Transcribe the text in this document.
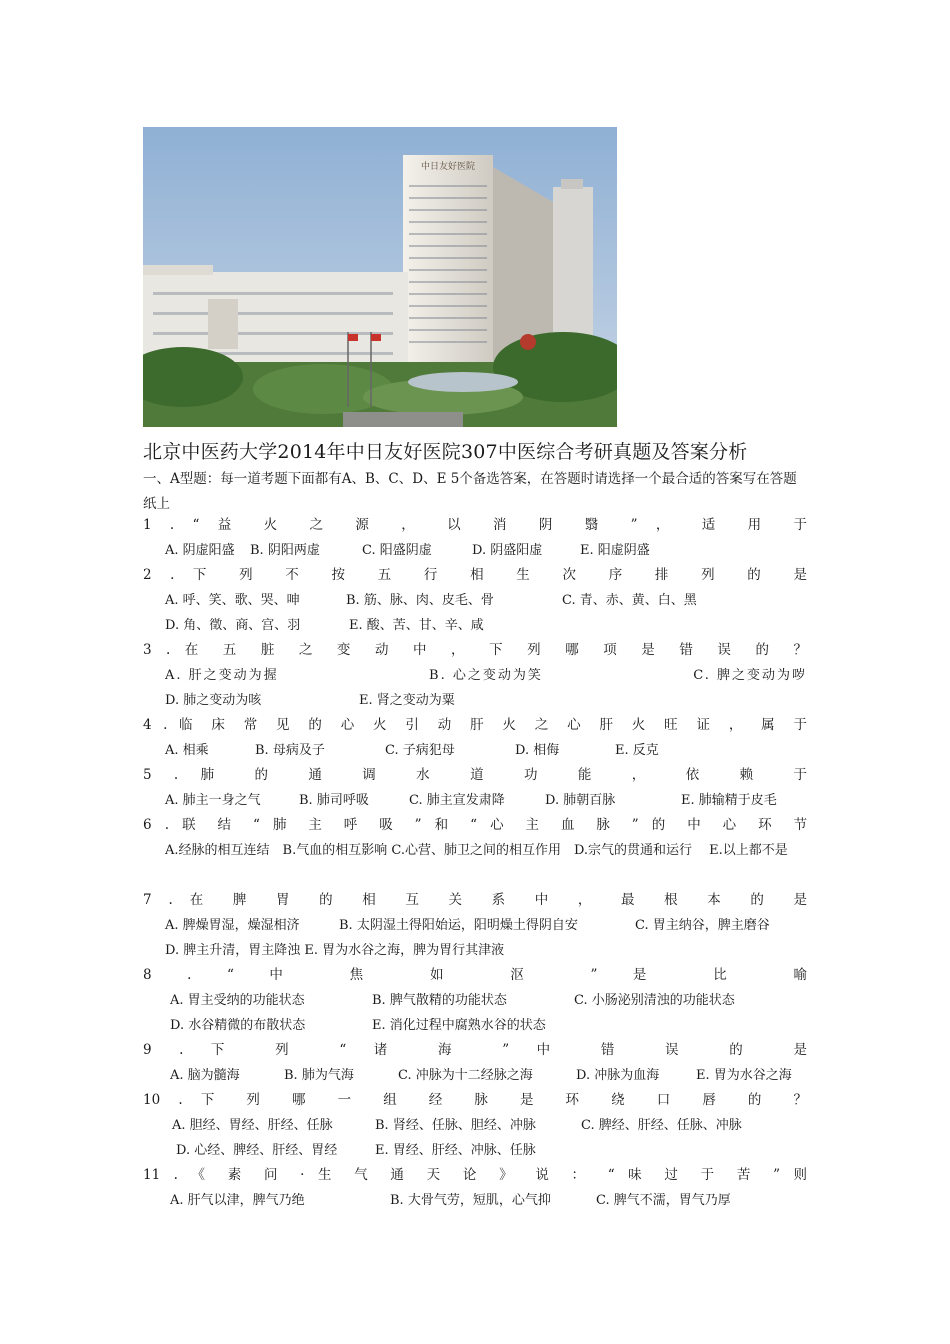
中日友好医院
北京中医药大学2014年中日友好医院307中医综合考研真题及答案分析
一、A型题：每一道考题下面都有A、B、C、D、E 5个备选答案，在答题时请选择一个最合适的答案写在答题纸上
1 . “ 益 火 之 源 ， 以 消 阴 翳 ” ， 适 用 于
A. 阴虚阳盛 B. 阴阳两虚	C. 阳盛阴虚	D. 阴盛阳虚	E. 阳虚阴盛
2 . 下 列 不 按 五 行 相 生 次 序 排 列 的 是
A. 呼、笑、歌、哭、呻	B. 筋、脉、肉、皮毛、骨	C. 青、赤、黄、白、黑
D. 角、徵、商、宫、羽	E. 酸、苦、甘、辛、咸
3 . 在 五 脏 之 变 动 中 ， 下 列 哪 项 是 错 误 的 ？
A. 肝之变动为握	B. 心之变动为笑	C. 脾之变动为哕
D. 肺之变动为咳	E. 肾之变动为粟
4 . 临 床 常 见 的 心 火 引 动 肝 火 之 心 肝 火 旺 证 ， 属 于
A. 相乘	B. 母病及子	C. 子病犯母	D. 相侮	E. 反克
5 . 肺 的 通 调 水 道 功 能 ， 依 赖 于
A. 肺主一身之气	B. 肺司呼吸	C. 肺主宣发肃降	D. 肺朝百脉	E. 肺输精于皮毛
6 . 联 结 “ 肺 主 呼 吸 ” 和 “ 心 主 血 脉 ” 的 中 心 环 节
A.经脉的相互连结　B.气血的相互影响 C.心营、肺卫之间的相互作用　D.宗气的贯通和运行　 E.以上都不是
7 . 在 脾 胃 的 相 互 关 系 中 ， 最 根 本 的 是
A. 脾燥胃湿，燥湿相济	B. 太阴湿土得阳始运，阳明燥土得阴自安	C. 胃主纳谷，脾主磨谷
D. 脾主升清，胃主降浊 E. 胃为水谷之海，脾为胃行其津液
8 . “ 中 焦 如 沤 ” 是 比 喻
A. 胃主受纳的功能状态	B. 脾气散精的功能状态	C. 小肠泌别清浊的功能状态
D. 水谷精微的布散状态	E. 消化过程中腐熟水谷的状态
9 . 下 列 “ 诸 海 ” 中 错 误 的 是
A. 脑为髓海	B. 肺为气海	C. 冲脉为十二经脉之海	D. 冲脉为血海	E. 胃为水谷之海
10 . 下 列 哪 一 组 经 脉 是 环 绕 口 唇 的 ？
A. 胆经、胃经、肝经、任脉	B. 肾经、任脉、胆经、冲脉	C. 脾经、肝经、任脉、冲脉
D. 心经、脾经、肝经、胃经	E. 胃经、肝经、冲脉、任脉
11 . 《 素 问 · 生 气 通 天 论 》 说 ： “ 味 过 于 苦 ” 则
A. 肝气以津，脾气乃绝	B. 大骨气劳，短肌，心气抑	C. 脾气不濡，胃气乃厚
